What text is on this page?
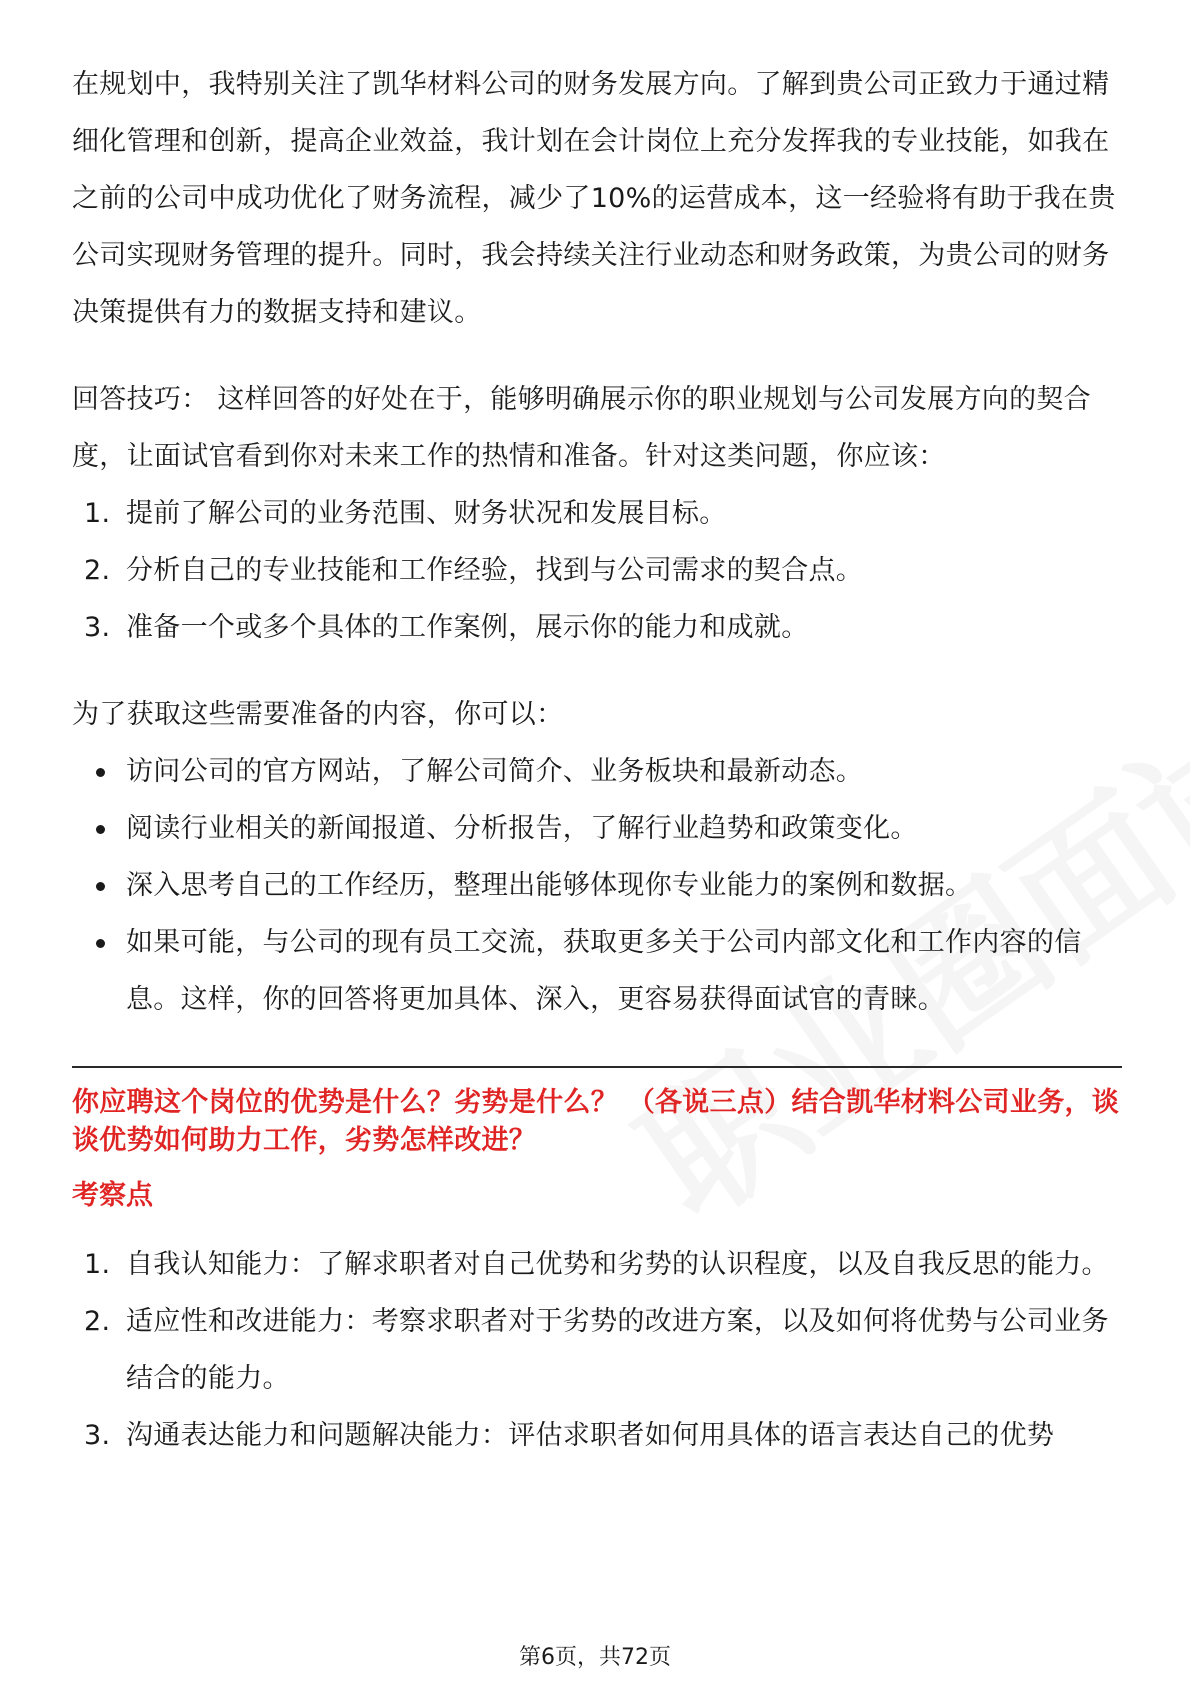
在规划中，我特别关注了凯华材料公司的财务发展方向。了解到贵公司正致力于通过精细化管理和创新，提高企业效益，我计划在会计岗位上充分发挥我的专业技能，如我在之前的公司中成功优化了财务流程，减少了10%的运营成本，这一经验将有助于我在贵公司实现财务管理的提升。同时，我会持续关注行业动态和财务政策，为贵公司的财务决策提供有力的数据支持和建议。

回答技巧： 这样回答的好处在于，能够明确展示你的职业规划与公司发展方向的契合度，让面试官看到你对未来工作的热情和准备。针对这类问题，你应该：

1. 提前了解公司的业务范围、财务状况和发展目标。
2. 分析自己的专业技能和工作经验，找到与公司需求的契合点。
3. 准备一个或多个具体的工作案例，展示你的能力和成就。

为了获取这些需要准备的内容，你可以：

访问公司的官方网站，了解公司简介、业务板块和最新动态。
阅读行业相关的新闻报道、分析报告，了解行业趋势和政策变化。
深入思考自己的工作经历，整理出能够体现你专业能力的案例和数据。
如果可能，与公司的现有员工交流，获取更多关于公司内部文化和工作内容的信息。这样，你的回答将更加具体、深入，更容易获得面试官的青睐。

你应聘这个岗位的优势是什么？劣势是什么？ （各说三点）结合凯华材料公司业务，谈谈优势如何助力工作，劣势怎样改进？

考察点

1. 自我认知能力：了解求职者对自己优势和劣势的认识程度，以及自我反思的能力。
2. 适应性和改进能力：考察求职者对于劣势的改进方案，以及如何将优势与公司业务结合的能力。
3. 沟通表达能力和问题解决能力：评估求职者如何用具体的语言表达自己的优势
第6页，共72页
